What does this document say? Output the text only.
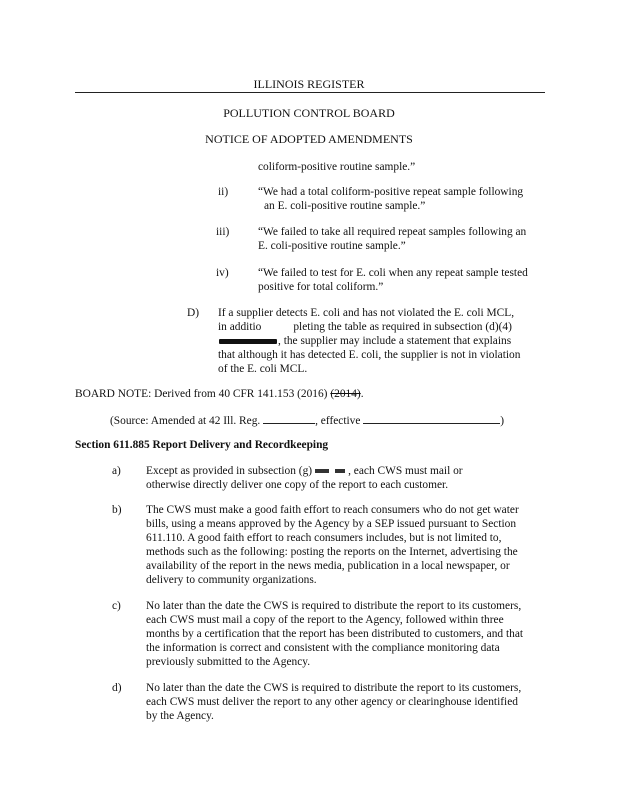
ILLINOIS REGISTER
POLLUTION CONTROL BOARD
NOTICE OF ADOPTED AMENDMENTS
coliform-positive routine sample.”
ii)	“We had a total coliform-positive repeat sample following
an E. coli-positive routine sample.”
iii)	“We failed to take all required repeat samples following an
E. coli-positive routine sample.”
iv)	“We failed to test for E. coli when any repeat sample tested
positive for total coliform.”
D) If a supplier detects E. coli and has not violated the E. coli MCL,
in additio	pleting the table as required in subsection (d)(4)
, the supplier may include a statement that explains
that although it has detected E. coli, the supplier is not in violation
of the E. coli MCL.
BOARD NOTE: Derived from 40 CFR 141.153 (2016) (2014).
(Source: Amended at 42 Ill. Reg.	, effective	)
Section 611.885 Report Delivery and Recordkeeping
a) Except as provided in subsection (g)	, each CWS must mail or
otherwise directly deliver one copy of the report to each customer.
b) The CWS must make a good faith effort to reach consumers who do not get water
bills, using a means approved by the Agency by a SEP issued pursuant to Section
611.110. A good faith effort to reach consumers includes, but is not limited to,
methods such as the following: posting the reports on the Internet, advertising the
availability of the report in the news media, publication in a local newspaper, or
delivery to community organizations.
c) No later than the date the CWS is required to distribute the report to its customers,
each CWS must mail a copy of the report to the Agency, followed within three
months by a certification that the report has been distributed to customers, and that
the information is correct and consistent with the compliance monitoring data
previously submitted to the Agency.
d) No later than the date the CWS is required to distribute the report to its customers,
each CWS must deliver the report to any other agency or clearinghouse identified
by the Agency.
